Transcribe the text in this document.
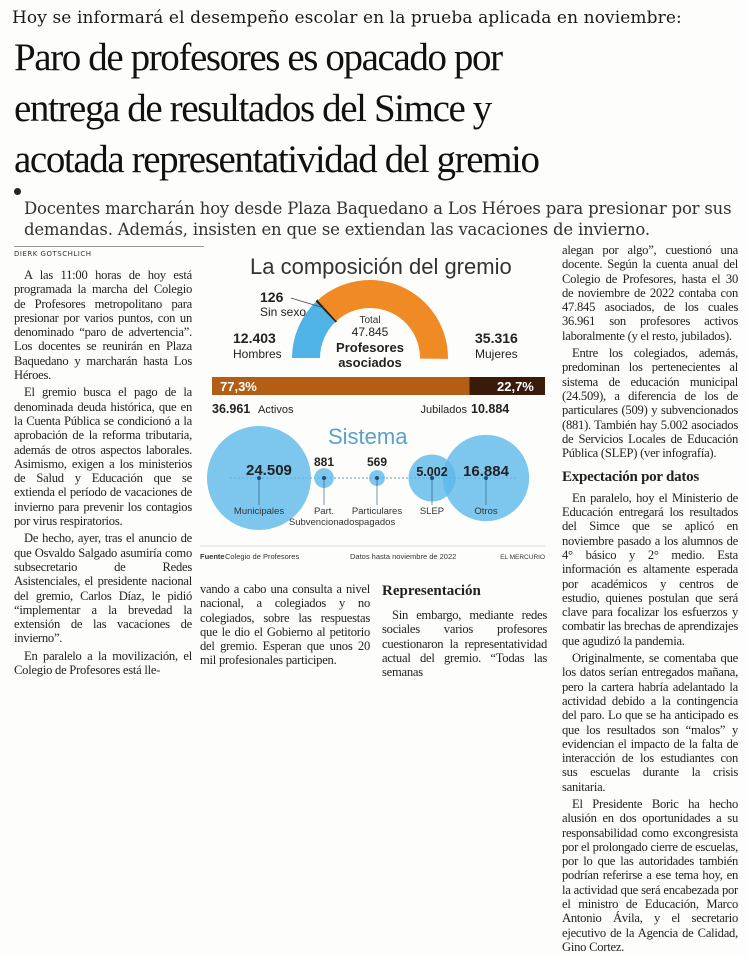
Hoy se informará el desempeño escolar en la prueba aplicada en noviembre:
Paro de profesores es opacado por
entrega de resultados del Simce y
acotada representatividad del gremio
Docentes marcharán hoy desde Plaza Baquedano a Los Héroes para presionar por sus
demandas. Además, insisten en que se extiendan las vacaciones de invierno.
DIERK GOTSCHLICH

A las 11:00 horas de hoy está programada la marcha del Colegio de Profesores metropolitano para presionar por varios puntos, con un denominado “paro de advertencia”. Los docentes se reunirán en Plaza Baquedano y marcharán hasta Los Héroes.

El gremio busca el pago de la denominada deuda histórica, que en la Cuenta Pública se condicionó a la aprobación de la reforma tributaria, además de otros aspectos laborales. Asimismo, exigen a los ministerios de Salud y Educación que se extienda el período de vacaciones de invierno para prevenir los contagios por virus respiratorios.

De hecho, ayer, tras el anuncio de que Osvaldo Salgado asumiría como subsecretario de Redes Asistenciales, el presidente nacional del gremio, Carlos Díaz, le pidió “implementar a la brevedad la extensión de las vacaciones de invierno”.

En paralelo a la movilización, el Colegio de Profesores está lle-

La composición del gremio
Total
47.845
Profesores
asociados
126
Sin sexo
12.403
Hombres
35.316
Mujeres
77,3%	22,7%
36.961 Activos	Jubilados 10.884
Sistema
24.509
Municipales
881
Part.
Subvencionados
569
Particulares
pagados
5.002
SLEP
16.884
Otros
Fuente Colegio de Profesores	Datos hasta noviembre de 2022	EL MERCURIO

vando a cabo una consulta a nivel nacional, a colegiados y no colegiados, sobre las respuestas que le dio el Gobierno al petitorio del gremio. Esperan que unos 20 mil profesionales participen.

Representación

Sin embargo, mediante redes sociales varios profesores cuestionaron la representatividad actual del gremio. “Todas las semanas

alegan por algo”, cuestionó una docente. Según la cuenta anual del Colegio de Profesores, hasta el 30 de noviembre de 2022 contaba con 47.845 asociados, de los cuales 36.961 son profesores activos laboralmente (y el resto, jubilados).

Entre los colegiados, además, predominan los pertenecientes al sistema de educación municipal (24.509), a diferencia de los de particulares (509) y subvencionados (881). También hay 5.002 asociados de Servicios Locales de Educación Pública (SLEP) (ver infografía).

Expectación por datos

En paralelo, hoy el Ministerio de Educación entregará los resultados del Simce que se aplicó en noviembre pasado a los alumnos de 4° básico y 2° medio. Esta información es altamente esperada por académicos y centros de estudio, quienes postulan que será clave para focalizar los esfuerzos y combatir las brechas de aprendizajes que agudizó la pandemia.

Originalmente, se comentaba que los datos serían entregados mañana, pero la cartera habría adelantado la actividad debido a la contingencia del paro. Lo que se ha anticipado es que los resultados son “malos” y evidencian el impacto de la falta de interacción de los estudiantes con sus escuelas durante la crisis sanitaria.

El Presidente Boric ha hecho alusión en dos oportunidades a su responsabilidad como excongresista por el prolongado cierre de escuelas, por lo que las autoridades también podrían referirse a ese tema hoy, en la actividad que será encabezada por el ministro de Educación, Marco Antonio Ávila, y el secretario ejecutivo de la Agencia de Calidad, Gino Cortez.
